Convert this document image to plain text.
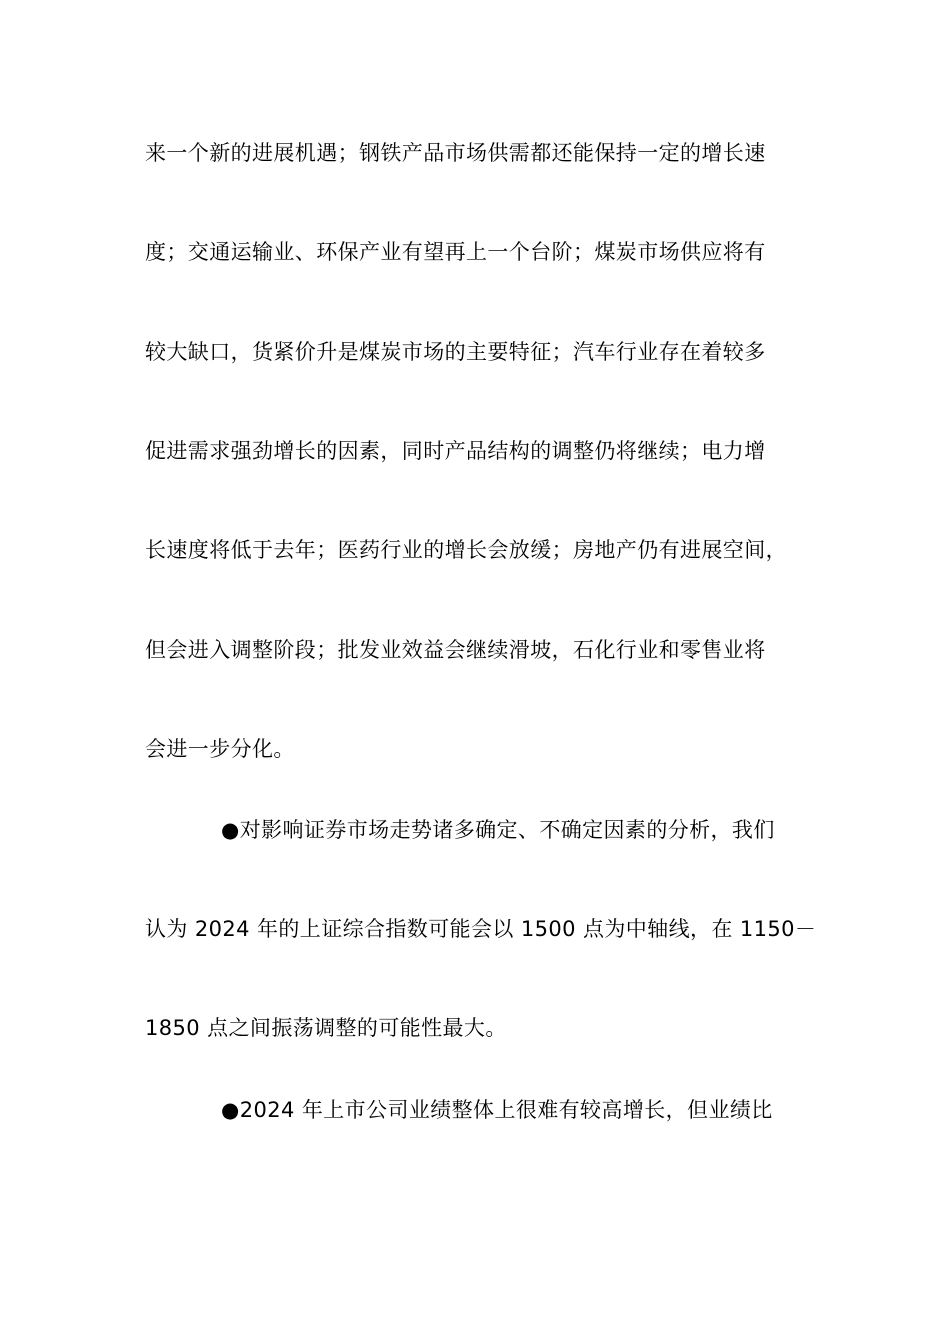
来一个新的进展机遇；钢铁产品市场供需都还能保持一定的增长速
度；交通运输业、环保产业有望再上一个台阶；煤炭市场供应将有
较大缺口，货紧价升是煤炭市场的主要特征；汽车行业存在着较多
促进需求强劲增长的因素，同时产品结构的调整仍将继续；电力增
长速度将低于去年；医药行业的增长会放缓；房地产仍有进展空间，
但会进入调整阶段；批发业效益会继续滑坡，石化行业和零售业将
会进一步分化。
●对影响证券市场走势诸多确定、不确定因素的分析，我们
认为 2024 年的上证综合指数可能会以 1500 点为中轴线，在 1150－
1850 点之间振荡调整的可能性最大。
●2024 年上市公司业绩整体上很难有较高增长，但业绩比
